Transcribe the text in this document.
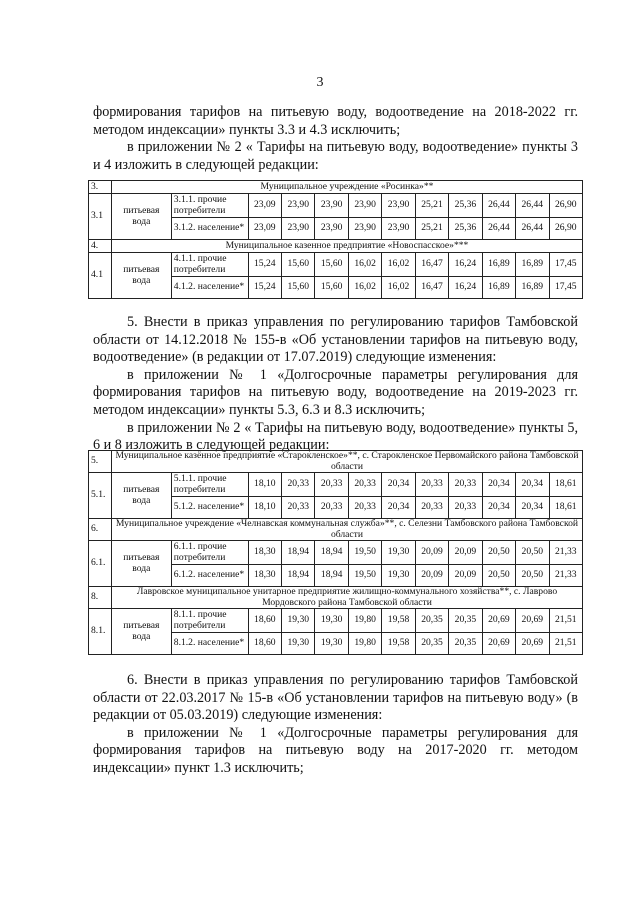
3

формирования тарифов на питьевую воду, водоотведение на 2018-2022 гг. методом индексации» пункты 3.3 и 4.3 исключить;

в приложении № 2 « Тарифы на питьевую воду, водоотведение» пункты 3 и 4 изложить в следующей редакции:

3.	Муниципальное учреждение «Росинка»**											
3.1	питьевая вода	3.1.1. прочие потребители	23,09	23,90	23,90	23,90	23,90	25,21	25,36	26,44	26,44	26,90
		3.1.2. население*	23,09	23,90	23,90	23,90	23,90	25,21	25,36	26,44	26,44	26,90
4.	Муниципальное казенное предприятие «Новоспасское»***											
4.1	питьевая вода	4.1.1. прочие потребители	15,24	15,60	15,60	16,02	16,02	16,47	16,24	16,89	16,89	17,45
		4.1.2. население*	15,24	15,60	15,60	16,02	16,02	16,47	16,24	16,89	16,89	17,45

5. Внести в приказ управления по регулированию тарифов Тамбовской области от 14.12.2018 № 155-в «Об установлении тарифов на питьевую воду, водоотведение» (в редакции от 17.07.2019) следующие изменения:

в приложении № 1 «Долгосрочные параметры регулирования для формирования тарифов на питьевую воду, водоотведение на 2019-2023 гг. методом индексации» пункты 5.3, 6.3 и 8.3 исключить;

в приложении № 2 « Тарифы на питьевую воду, водоотведение» пункты 5, 6 и 8 изложить в следующей редакции:

5.	Муниципальное казённое предприятие «Старокленское»**, с. Старокленское Первомайского района Тамбовской области											
5.1.	питьевая вода	5.1.1. прочие потребители	18,10	20,33	20,33	20,33	20,34	20,33	20,33	20,34	20,34	18,61
		5.1.2. население*	18,10	20,33	20,33	20,33	20,34	20,33	20,33	20,34	20,34	18,61
6.	Муниципальное учреждение «Челнавская коммунальная служба»**, с. Селезни Тамбовского района Тамбовской области											
6.1.	питьевая вода	6.1.1. прочие потребители	18,30	18,94	18,94	19,50	19,30	20,09	20,09	20,50	20,50	21,33
		6.1.2. население*	18,30	18,94	18,94	19,50	19,30	20,09	20,09	20,50	20,50	21,33
8.	Лавровское муниципальное унитарное предприятие жилищно-коммунального хозяйства**, с. Лаврово Мордовского района Тамбовской области											
8.1.	питьевая вода	8.1.1. прочие потребители	18,60	19,30	19,30	19,80	19,58	20,35	20,35	20,69	20,69	21,51
		8.1.2. население*	18,60	19,30	19,30	19,80	19,58	20,35	20,35	20,69	20,69	21,51

6. Внести в приказ управления по регулированию тарифов Тамбовской области от 22.03.2017 № 15-в «Об установлении тарифов на питьевую воду» (в редакции от 05.03.2019) следующие изменения:

в приложении № 1 «Долгосрочные параметры регулирования для формирования тарифов на питьевую воду на 2017-2020 гг. методом индексации» пункт 1.3 исключить;
